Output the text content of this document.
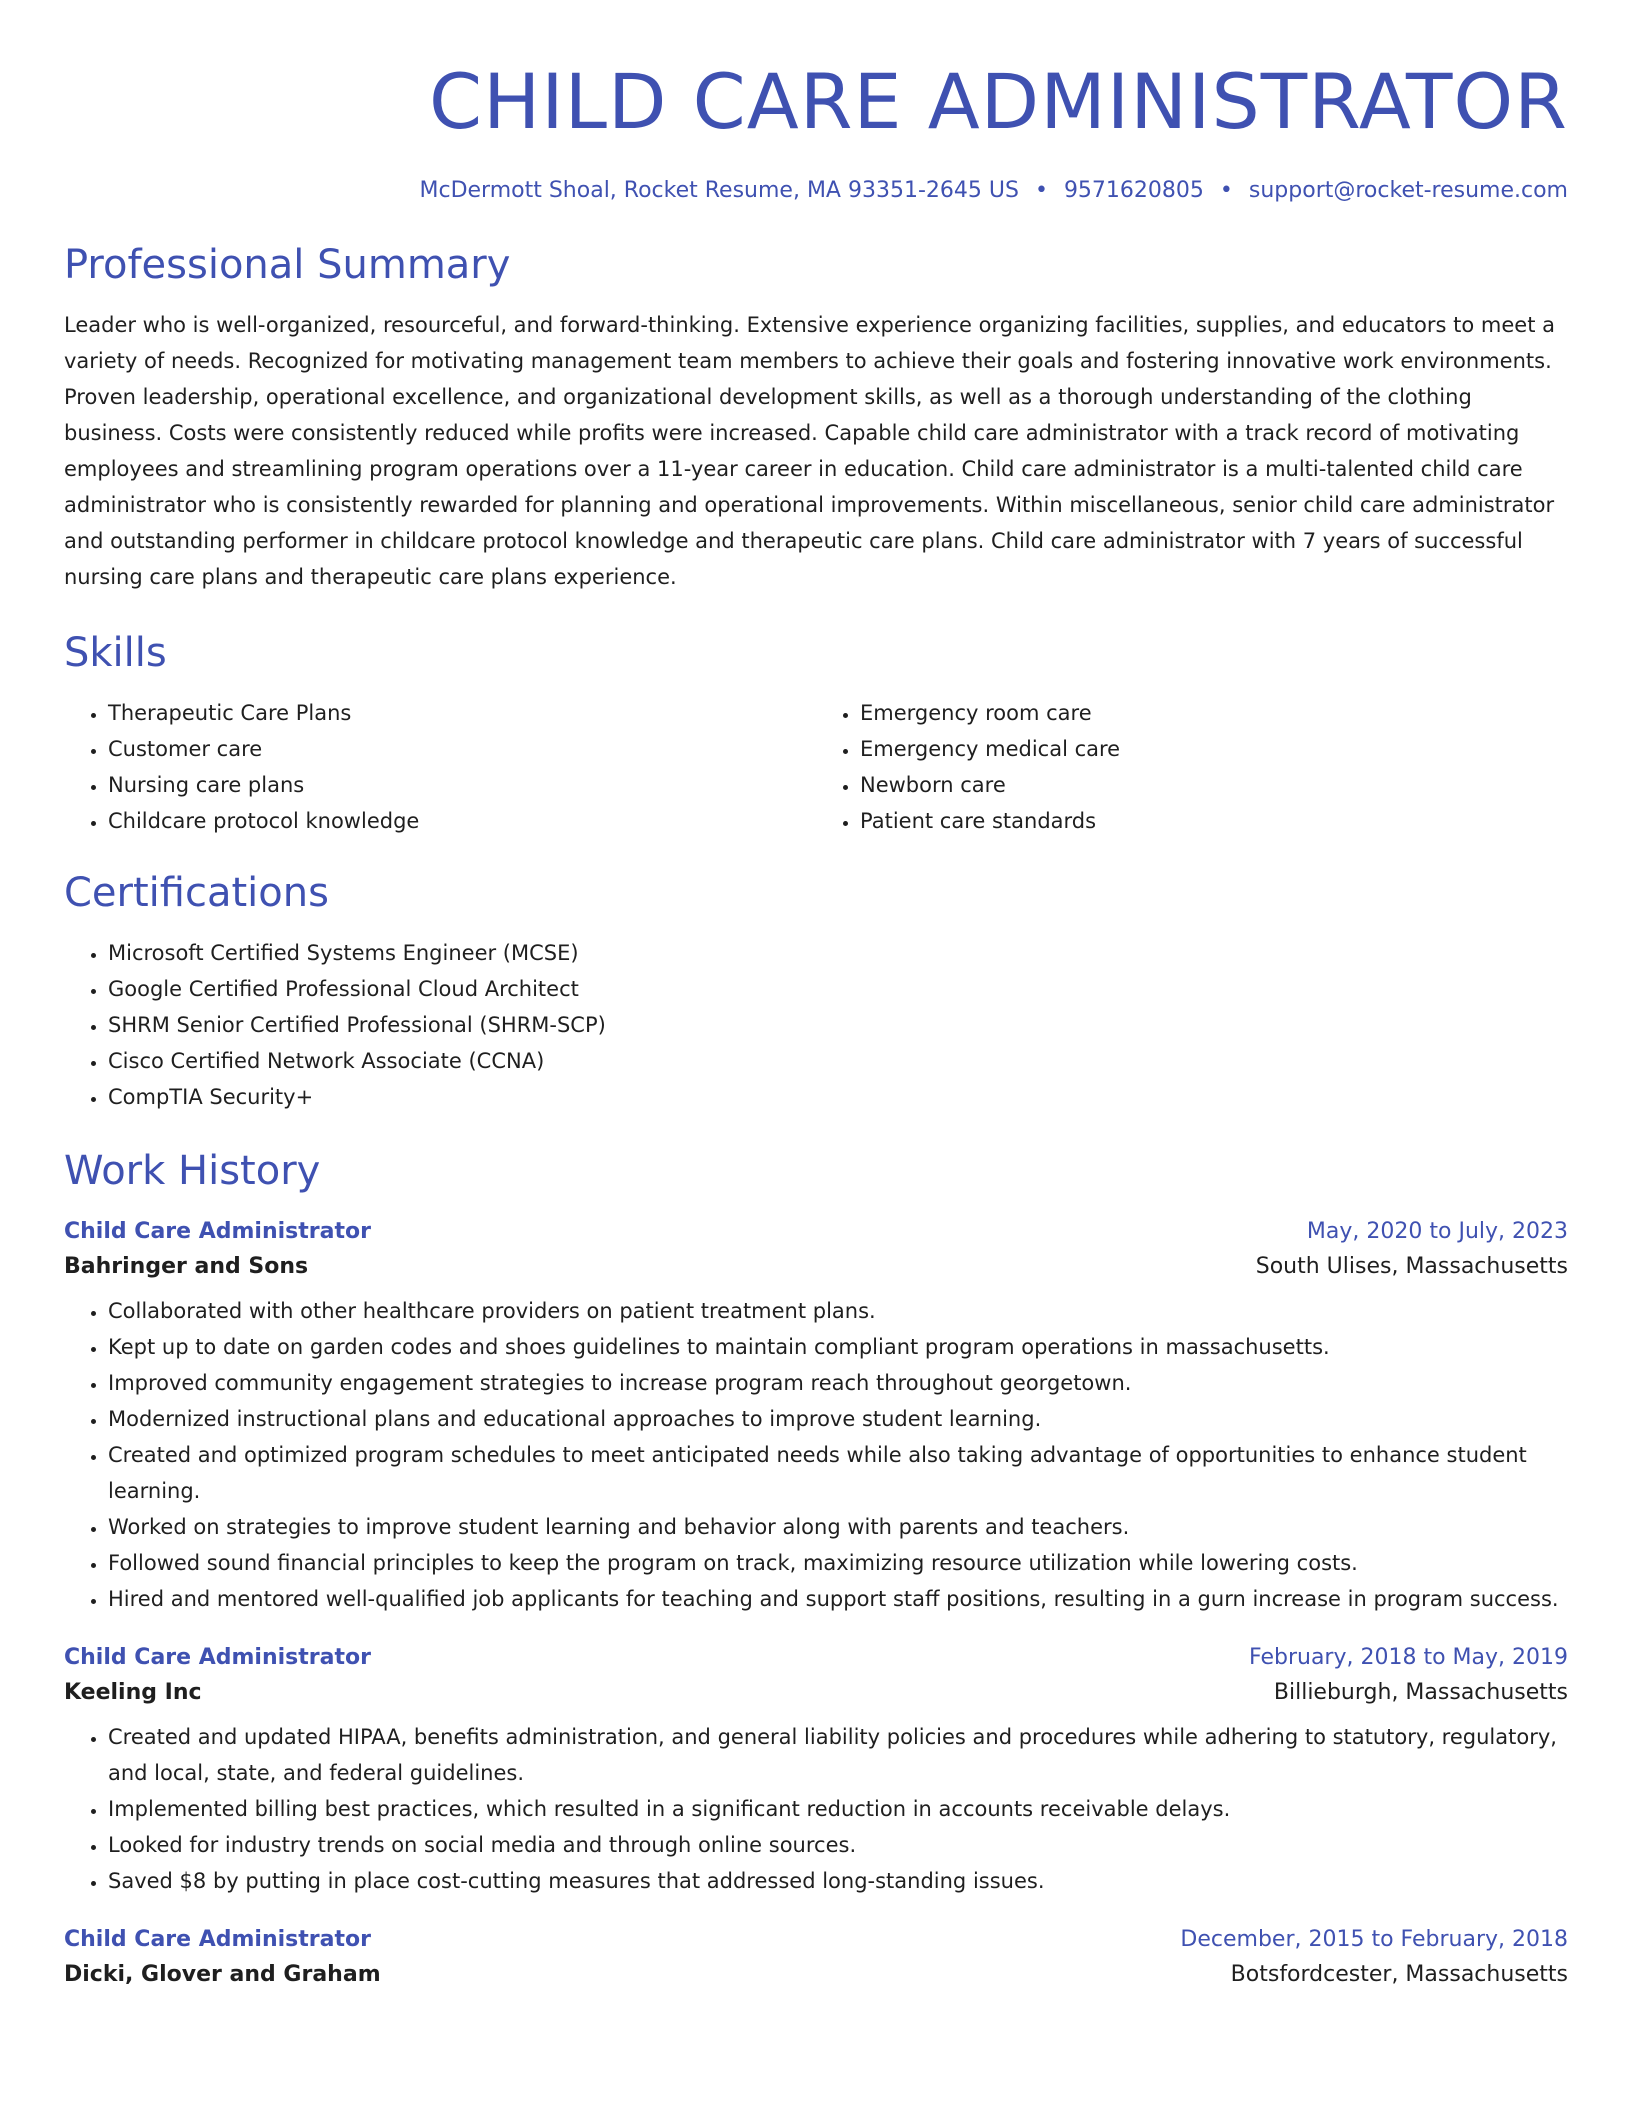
CHILD CARE ADMINISTRATOR
McDermott Shoal, Rocket Resume, MA 93351-2645 US • 9571620805 • support@rocket-resume.com
Professional Summary
Leader who is well-organized, resourceful, and forward-thinking. Extensive experience organizing facilities, supplies, and educators to meet a variety of needs. Recognized for motivating management team members to achieve their goals and fostering innovative work environments. Proven leadership, operational excellence, and organizational development skills, as well as a thorough understanding of the clothing business. Costs were consistently reduced while profits were increased. Capable child care administrator with a track record of motivating employees and streamlining program operations over a 11-year career in education. Child care administrator is a multi-talented child care administrator who is consistently rewarded for planning and operational improvements. Within miscellaneous, senior child care administrator and outstanding performer in childcare protocol knowledge and therapeutic care plans. Child care administrator with 7 years of successful nursing care plans and therapeutic care plans experience.
Skills
• Therapeutic Care Plans
• Customer care
• Nursing care plans
• Childcare protocol knowledge
• Emergency room care
• Emergency medical care
• Newborn care
• Patient care standards
Certifications
• Microsoft Certified Systems Engineer (MCSE)
• Google Certified Professional Cloud Architect
• SHRM Senior Certified Professional (SHRM-SCP)
• Cisco Certified Network Associate (CCNA)
• CompTIA Security+
Work History
Child Care Administrator	May, 2020 to July, 2023
Bahringer and Sons	South Ulises, Massachusetts
• Collaborated with other healthcare providers on patient treatment plans.
• Kept up to date on garden codes and shoes guidelines to maintain compliant program operations in massachusetts.
• Improved community engagement strategies to increase program reach throughout georgetown.
• Modernized instructional plans and educational approaches to improve student learning.
• Created and optimized program schedules to meet anticipated needs while also taking advantage of opportunities to enhance student learning.
• Worked on strategies to improve student learning and behavior along with parents and teachers.
• Followed sound financial principles to keep the program on track, maximizing resource utilization while lowering costs.
• Hired and mentored well-qualified job applicants for teaching and support staff positions, resulting in a gurn increase in program success.
Child Care Administrator	February, 2018 to May, 2019
Keeling Inc	Billieburgh, Massachusetts
• Created and updated HIPAA, benefits administration, and general liability policies and procedures while adhering to statutory, regulatory, and local, state, and federal guidelines.
• Implemented billing best practices, which resulted in a significant reduction in accounts receivable delays.
• Looked for industry trends on social media and through online sources.
• Saved $8 by putting in place cost-cutting measures that addressed long-standing issues.
Child Care Administrator	December, 2015 to February, 2018
Dicki, Glover and Graham	Botsfordcester, Massachusetts
